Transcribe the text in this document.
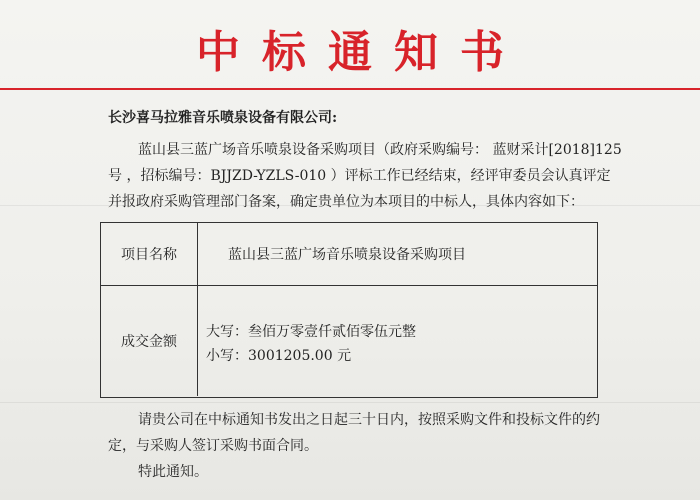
中标通知书
长沙喜马拉雅音乐喷泉设备有限公司:
蓝山县三蓝广场音乐喷泉设备采购项目（政府采购编号： 蓝财采计[2018]125
号 ，招标编号：BJJZD-YZLS-010 ）评标工作已经结束，经评审委员会认真评定
并报政府采购管理部门备案，确定贵单位为本项目的中标人，具体内容如下：
项目名称	蓝山县三蓝广场音乐喷泉设备采购项目
成交金额
大写：叁佰万零壹仟贰佰零伍元整
小写：3001205.00 元
请贵公司在中标通知书发出之日起三十日内，按照采购文件和投标文件的约
定，与采购人签订采购书面合同。
特此通知。
